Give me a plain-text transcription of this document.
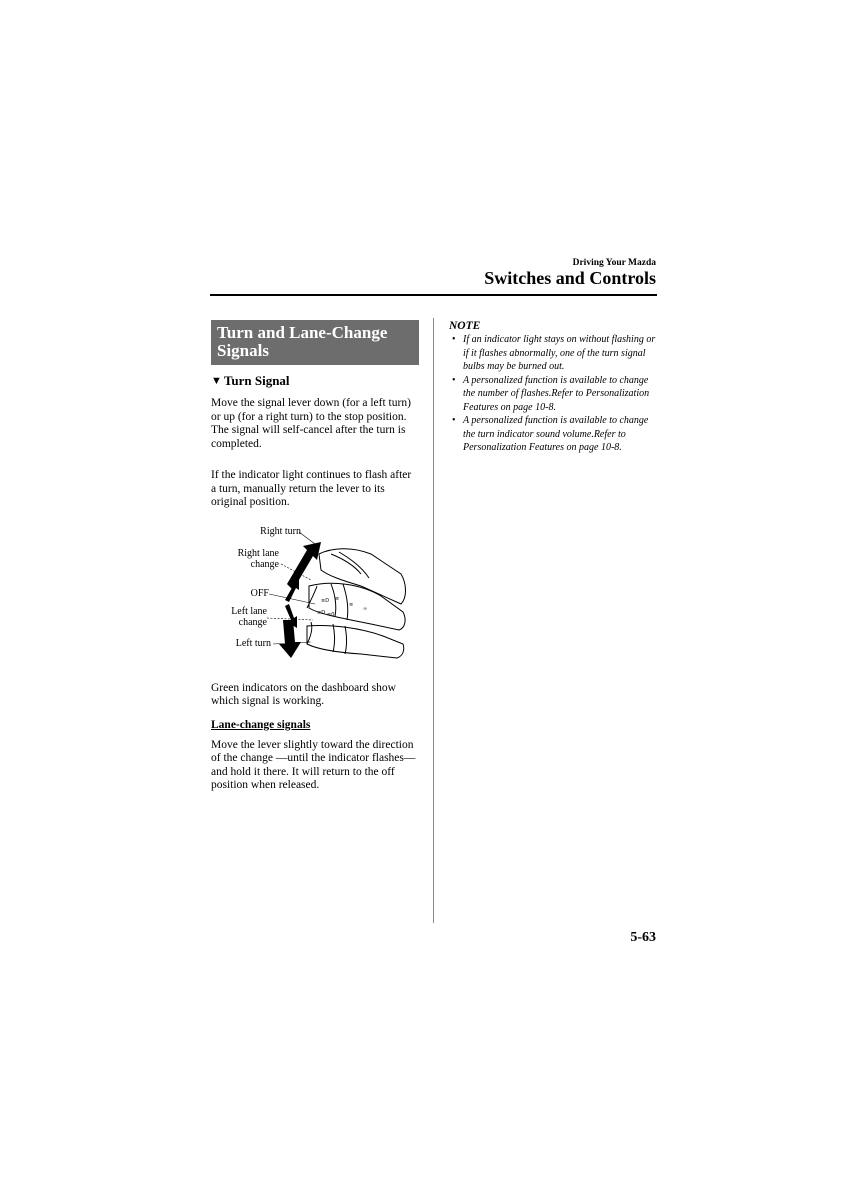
Driving Your Mazda
Switches and Controls
Turn and Lane-Change Signals
▼ Turn Signal

Move the signal lever down (for a left turn) or up (for a right turn) to the stop position. The signal will self-cancel after the turn is completed.

If the indicator light continues to flash after a turn, manually return the lever to its original position.

≡D ≡
≡
∞
≡D ≡0
Right turn
Right lane change
OFF
Left lane change
Left turn

Green indicators on the dashboard show which signal is working.

Lane-change signals

Move the lever slightly toward the direction of the change —until the indicator flashes— and hold it there. It will return to the off position when released.

NOTE
• If an indicator light stays on without flashing or if it flashes abnormally, one of the turn signal bulbs may be burned out.
• A personalized function is available to change the number of flashes.Refer to Personalization Features on page 10-8.
• A personalized function is available to change the turn indicator sound volume.Refer to Personalization Features on page 10-8.
5-63
